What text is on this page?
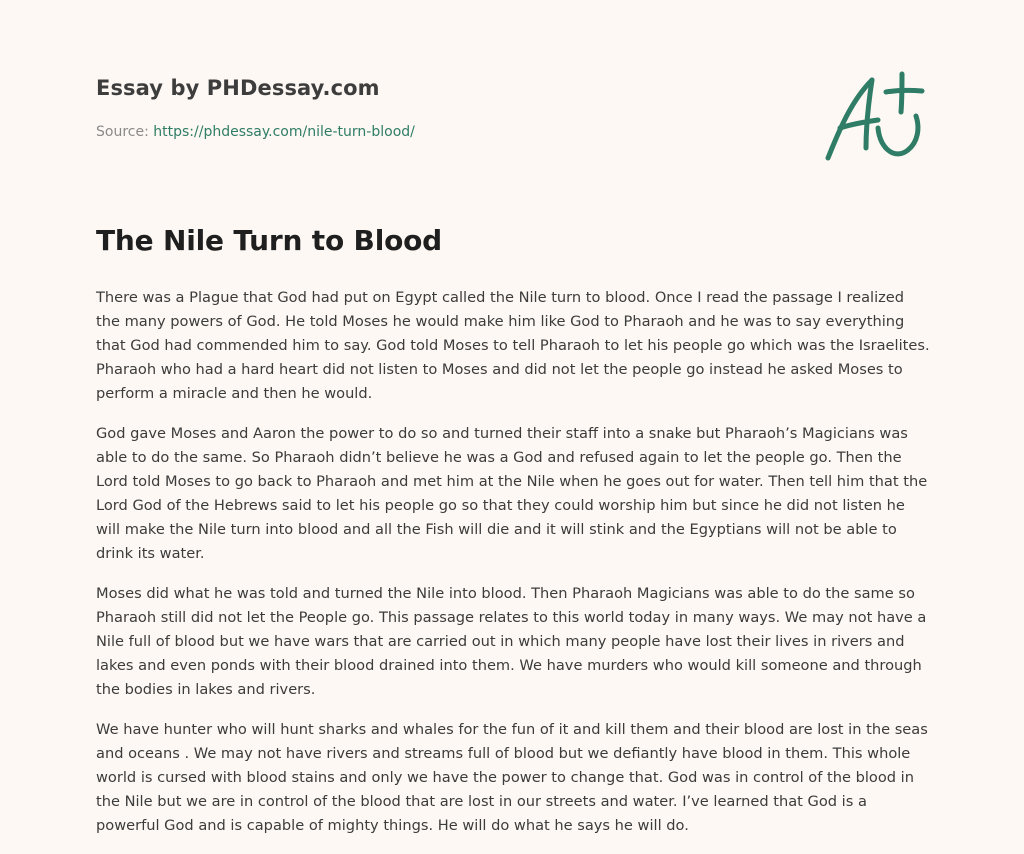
Essay by PHDessay.com
Source: https://phdessay.com/nile-turn-blood/
The Nile Turn to Blood

There was a Plague that God had put on Egypt called the Nile turn to blood. Once I read the passage I realized the many powers of God. He told Moses he would make him like God to Pharaoh and he was to say everything that God had commended him to say. God told Moses to tell Pharaoh to let his people go which was the Israelites. Pharaoh who had a hard heart did not listen to Moses and did not let the people go instead he asked Moses to perform a miracle and then he would.

God gave Moses and Aaron the power to do so and turned their staff into a snake but Pharaoh’s Magicians was able to do the same. So Pharaoh didn’t believe he was a God and refused again to let the people go. Then the Lord told Moses to go back to Pharaoh and met him at the Nile when he goes out for water. Then tell him that the Lord God of the Hebrews said to let his people go so that they could worship him but since he did not listen he will make the Nile turn into blood and all the Fish will die and it will stink and the Egyptians will not be able to drink its water.

Moses did what he was told and turned the Nile into blood. Then Pharaoh Magicians was able to do the same so Pharaoh still did not let the People go. This passage relates to this world today in many ways. We may not have a Nile full of blood but we have wars that are carried out in which many people have lost their lives in rivers and lakes and even ponds with their blood drained into them. We have murders who would kill someone and through the bodies in lakes and rivers.

We have hunter who will hunt sharks and whales for the fun of it and kill them and their blood are lost in the seas and oceans . We may not have rivers and streams full of blood but we defiantly have blood in them. This whole world is cursed with blood stains and only we have the power to change that. God was in control of the blood in the Nile but we are in control of the blood that are lost in our streets and water. I’ve learned that God is a powerful God and is capable of mighty things. He will do what he says he will do.
